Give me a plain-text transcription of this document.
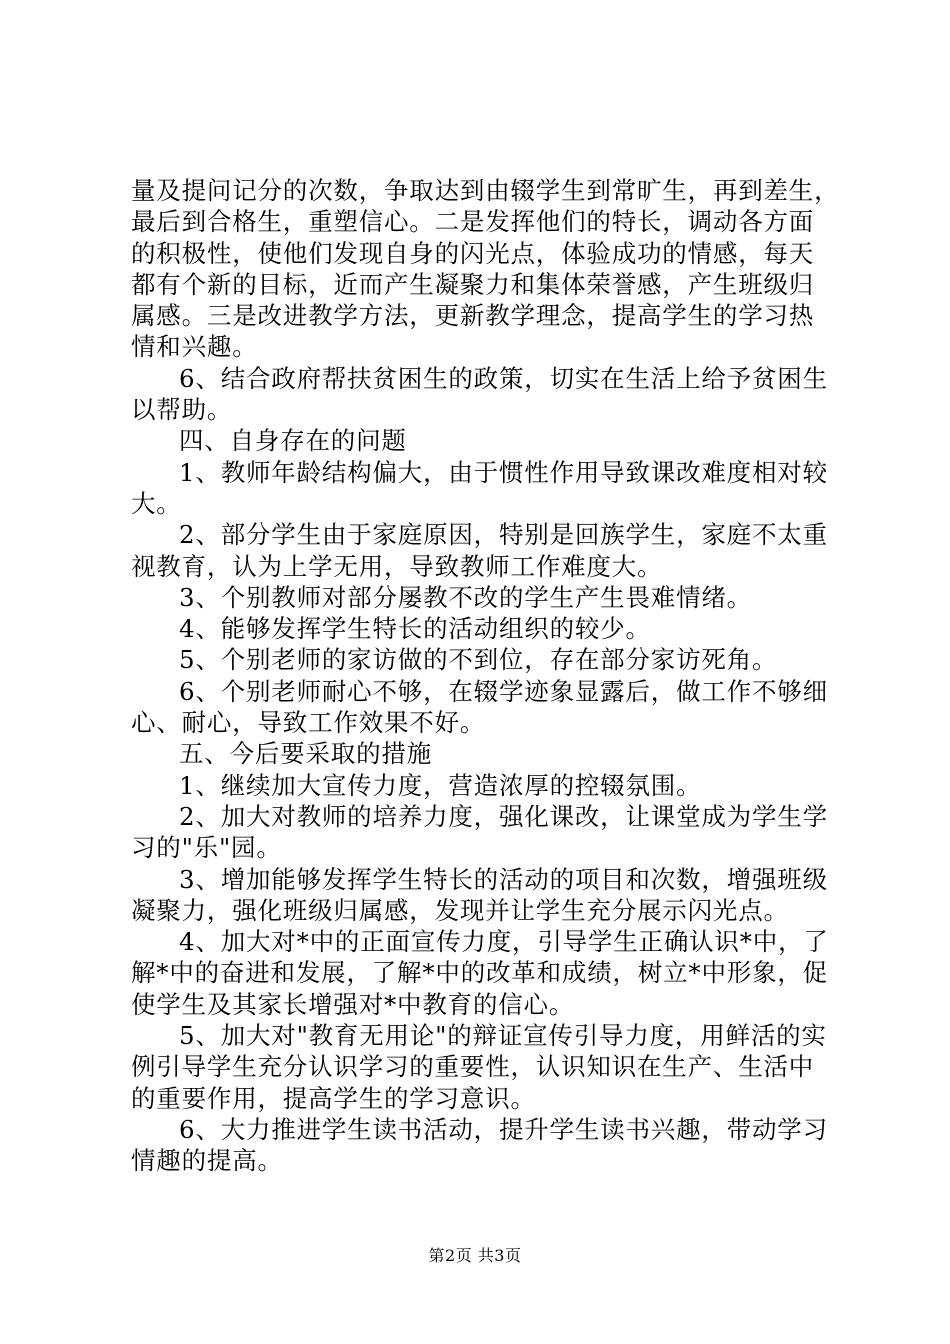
量及提问记分的次数，争取达到由辍学生到常旷生，再到差生，
最后到合格生，重塑信心。二是发挥他们的特长，调动各方面
的积极性，使他们发现自身的闪光点，体验成功的情感，每天
都有个新的目标，近而产生凝聚力和集体荣誉感，产生班级归
属感。三是改进教学方法，更新教学理念，提高学生的学习热
情和兴趣。
6、结合政府帮扶贫困生的政策，切实在生活上给予贫困生
以帮助。
四、自身存在的问题
1、教师年龄结构偏大，由于惯性作用导致课改难度相对较
大。
2、部分学生由于家庭原因，特别是回族学生，家庭不太重
视教育，认为上学无用，导致教师工作难度大。
3、个别教师对部分屡教不改的学生产生畏难情绪。
4、能够发挥学生特长的活动组织的较少。
5、个别老师的家访做的不到位，存在部分家访死角。
6、个别老师耐心不够，在辍学迹象显露后，做工作不够细
心、耐心，导致工作效果不好。
五、今后要采取的措施
1、继续加大宣传力度，营造浓厚的控辍氛围。
2、加大对教师的培养力度，强化课改，让课堂成为学生学
习的"乐"园。
3、增加能够发挥学生特长的活动的项目和次数，增强班级
凝聚力，强化班级归属感，发现并让学生充分展示闪光点。
4、加大对*中的正面宣传力度，引导学生正确认识*中，了
解*中的奋进和发展，了解*中的改革和成绩，树立*中形象，促
使学生及其家长增强对*中教育的信心。
5、加大对"教育无用论"的辩证宣传引导力度，用鲜活的实
例引导学生充分认识学习的重要性，认识知识在生产、生活中
的重要作用，提高学生的学习意识。
6、大力推进学生读书活动，提升学生读书兴趣，带动学习
情趣的提高。
第2页 共3页
